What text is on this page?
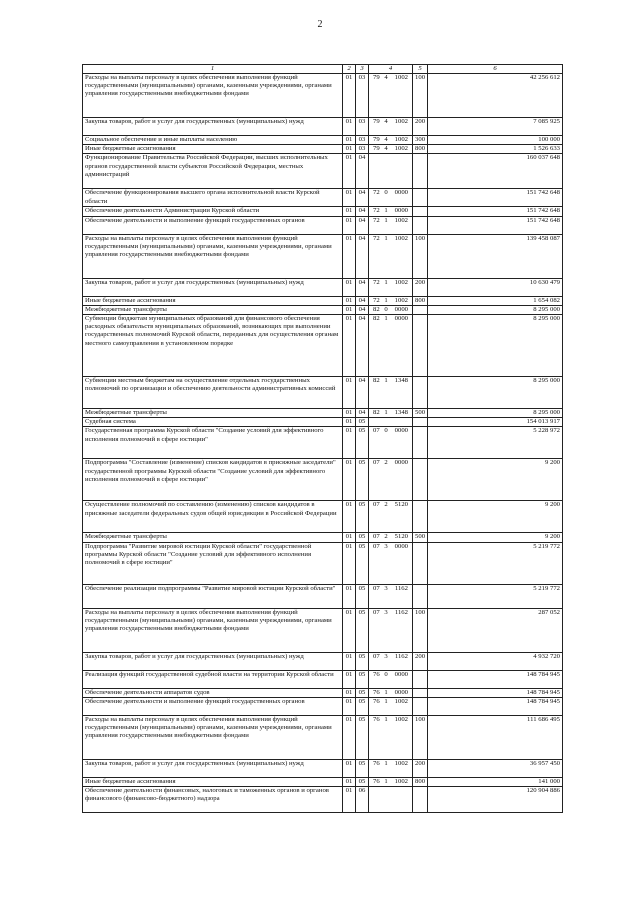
2
1	2	3	4	5	6
Расходы на выплаты персоналу в целях обеспечения выполнения функций государственными (муниципальными) органами, казенными учреждениями, органами управления государственными внебюджетными фондами	01	03	79 4 1002	100	42 256 612
Закупка товаров, работ и услуг для государственных (муниципальных) нужд	01	03	79 4 1002	200	7 085 925
Социальное обеспечение и иные выплаты населению	01	03	79 4 1002	300	100 000
Иные бюджетные ассигнования	01	03	79 4 1002	800	1 526 633
Функционирование Правительства Российской Федерации, высших исполнительных органов государственной власти субъектов Российской Федерации, местных администраций	01	04			160 037 648
Обеспечение функционирования высшего органа исполнительной власти Курской области	01	04	72 0 0000		151 742 648
Обеспечение деятельности Администрации Курской области	01	04	72 1 0000		151 742 648
Обеспечение деятельности и выполнение функций государственных органов	01	04	72 1 1002		151 742 648
Расходы на выплаты персоналу в целях обеспечения выполнения функций государственными (муниципальными) органами, казенными учреждениями, органами управления государственными внебюджетными фондами	01	04	72 1 1002	100	139 458 087
Закупка товаров, работ и услуг для государственных (муниципальных) нужд	01	04	72 1 1002	200	10 630 479
Иные бюджетные ассигнования	01	04	72 1 1002	800	1 654 082
Межбюджетные трансферты	01	04	82 0 0000		8 295 000
Субвенции бюджетам муниципальных образований для финансового обеспечения расходных обязательств муниципальных образований, возникающих при выполнении государственных полномочий Курской области, переданных для осуществления органам местного самоуправления в установленном порядке	01	04	82 1 0000		8 295 000
Субвенции местным бюджетам на осуществление отдельных государственных полномочий по организации и обеспечению деятельности административных комиссий	01	04	82 1 1348		8 295 000
Межбюджетные трансферты	01	04	82 1 1348	500	8 295 000
Судебная система	01	05			154 013 917
Государственная программа Курской области "Создание условий для эффективного исполнения полномочий в сфере юстиции"	01	05	07 0 0000		5 228 972
Подпрограмма "Составление (изменение) списков кандидатов в присяжные заседатели" государственной программы Курской области "Создание условий для эффективного исполнения полномочий в сфере юстиции"	01	05	07 2 0000		9 200
Осуществление полномочий по составлению (изменению) списков кандидатов в присяжные заседатели федеральных судов общей юрисдикции в Российской Федерации	01	05	07 2 5120		9 200
Межбюджетные трансферты	01	05	07 2 5120	500	9 200
Подпрограмма "Развитие мировой юстиции Курской области" государственной программы Курской области "Создание условий для эффективного исполнения полномочий в сфере юстиции"	01	05	07 3 0000		5 219 772
Обеспечение реализации подпрограммы "Развитие мировой юстиции Курской области"	01	05	07 3 1162		5 219 772
Расходы на выплаты персоналу в целях обеспечения выполнения функций государственными (муниципальными) органами, казенными учреждениями, органами управления государственными внебюджетными фондами	01	05	07 3 1162	100	287 052
Закупка товаров, работ и услуг для государственных (муниципальных) нужд	01	05	07 3 1162	200	4 932 720
Реализация функций государственной судебной власти на территории Курской области	01	05	76 0 0000		148 784 945
Обеспечение деятельности аппаратов судов	01	05	76 1 0000		148 784 945
Обеспечение деятельности и выполнение функций государственных органов	01	05	76 1 1002		148 784 945
Расходы на выплаты персоналу в целях обеспечения выполнения функций государственными (муниципальными) органами, казенными учреждениями, органами управления государственными внебюджетными фондами	01	05	76 1 1002	100	111 686 495
Закупка товаров, работ и услуг для государственных (муниципальных) нужд	01	05	76 1 1002	200	36 957 450
Иные бюджетные ассигнования	01	05	76 1 1002	800	141 000
Обеспечение деятельности финансовых, налоговых и таможенных органов и органов финансового (финансово-бюджетного) надзора	01	06			120 904 886
